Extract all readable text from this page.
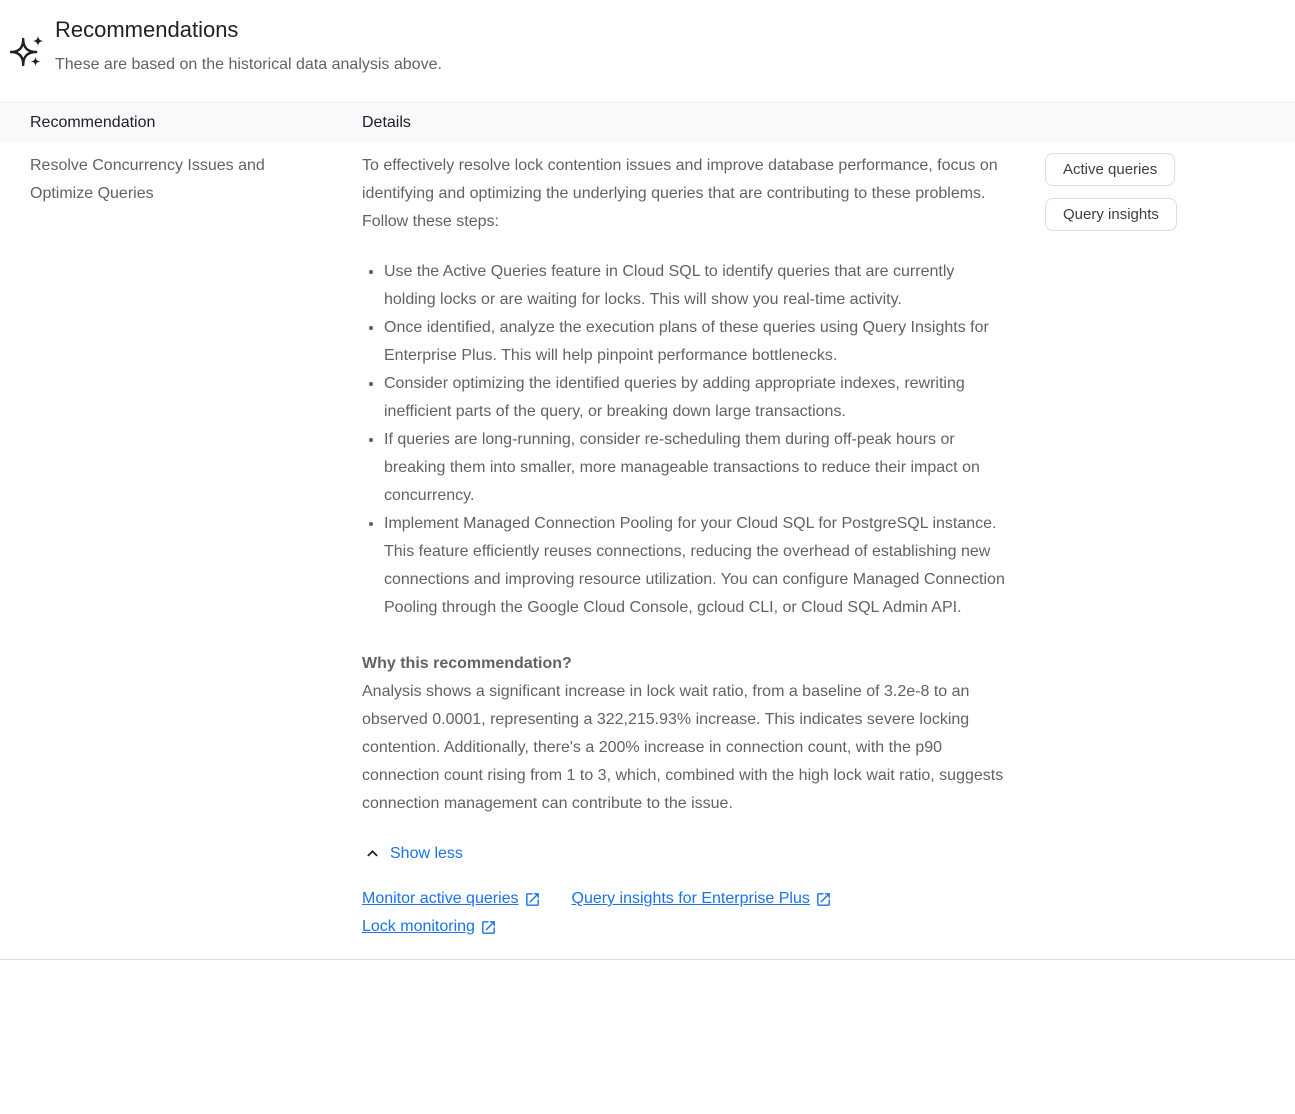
Recommendations

These are based on the historical data analysis above.

Recommendation	Details
Resolve Concurrency Issues and Optimize Queries

To effectively resolve lock contention issues and improve database performance, focus on identifying and optimizing the underlying queries that are contributing to these problems. Follow these steps:

• Use the Active Queries feature in Cloud SQL to identify queries that are currently holding locks or are waiting for locks. This will show you real-time activity.
• Once identified, analyze the execution plans of these queries using Query Insights for Enterprise Plus. This will help pinpoint performance bottlenecks.
• Consider optimizing the identified queries by adding appropriate indexes, rewriting inefficient parts of the query, or breaking down large transactions.
• If queries are long-running, consider re-scheduling them during off-peak hours or breaking them into smaller, more manageable transactions to reduce their impact on concurrency.
• Implement Managed Connection Pooling for your Cloud SQL for PostgreSQL instance. This feature efficiently reuses connections, reducing the overhead of establishing new connections and improving resource utilization. You can configure Managed Connection Pooling through the Google Cloud Console, gcloud CLI, or Cloud SQL Admin API.
Why this recommendation?

Analysis shows a significant increase in lock wait ratio, from a baseline of 3.2e-8 to an observed 0.0001, representing a 322,215.93% increase. This indicates severe locking contention. Additionally, there's a 200% increase in connection count, with the p90 connection count rising from 1 to 3, which, combined with the high lock wait ratio, suggests connection management can contribute to the issue.

Show less
Monitor active queries	Query insights for Enterprise Plus
Lock monitoring
Active queries
Query insights
